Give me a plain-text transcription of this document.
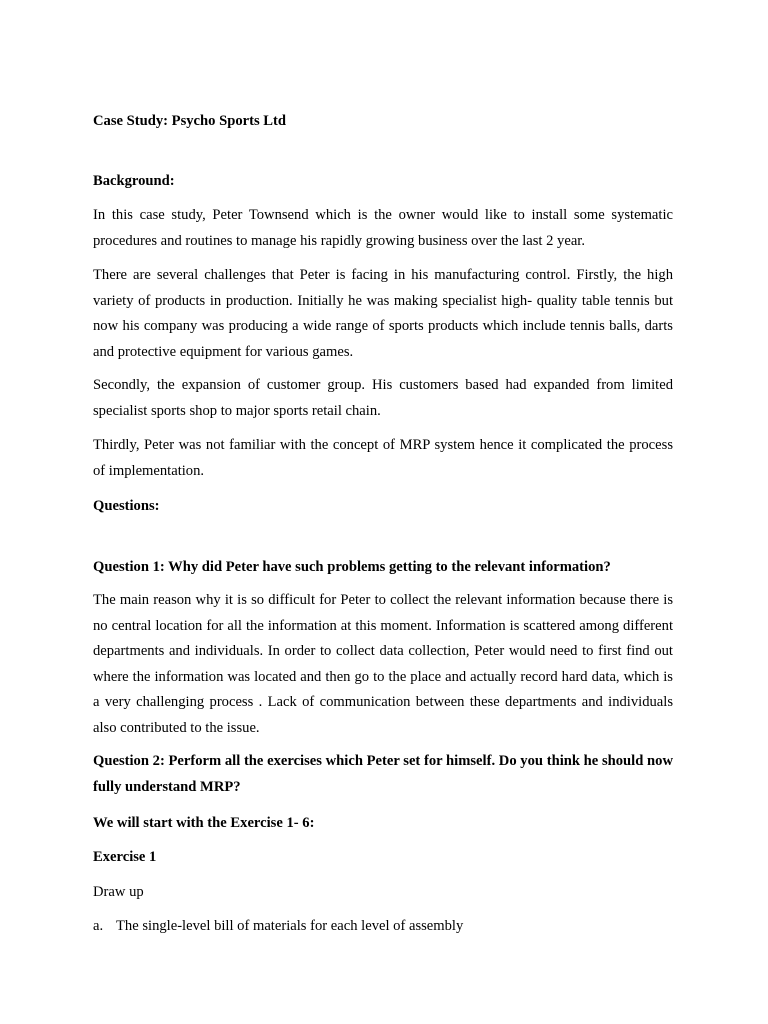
Case Study: Psycho Sports Ltd
Background:
In this case study, Peter Townsend which is the owner would like to install some systematic procedures and routines to manage his rapidly growing business over the last 2 year.
There are several challenges that Peter is facing in his manufacturing control. Firstly, the high variety of products in production. Initially he was making specialist high- quality table tennis but now his company was producing a wide range of sports products which include tennis balls, darts and protective equipment for various games.
Secondly, the expansion of customer group. His customers based had expanded from limited specialist sports shop to major sports retail chain.
Thirdly, Peter was not familiar with the concept of MRP system hence it complicated the process of implementation.
Questions:
Question 1: Why did Peter have such problems getting to the relevant information?
The main reason why it is so difficult for Peter to collect the relevant information because there is no central location for all the information at this moment. Information is scattered among different departments and individuals. In order to collect data collection, Peter would need to first find out where the information was located and then go to the place and actually record hard data, which is a very challenging process . Lack of communication between these departments and individuals also contributed to the issue.
Question 2: Perform all the exercises which Peter set for himself. Do you think he should now fully understand MRP?
We will start with the Exercise 1- 6:
Exercise 1
Draw up
a. The single-level bill of materials for each level of assembly
